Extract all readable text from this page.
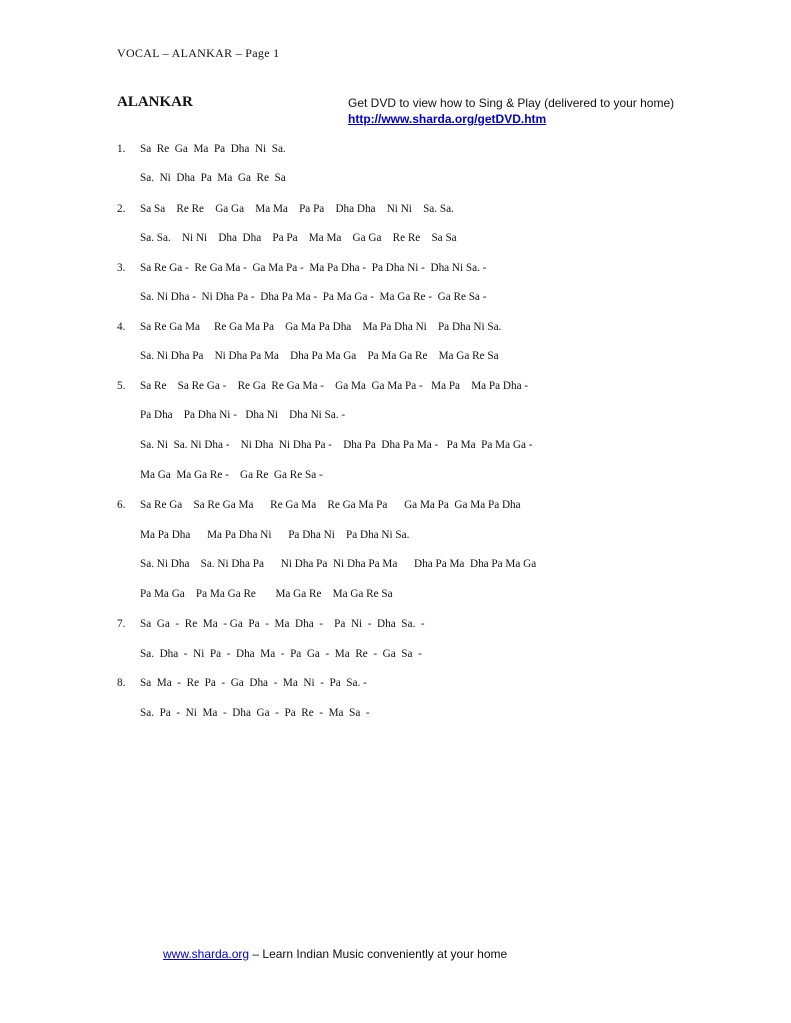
VOCAL – ALANKAR – Page 1
ALANKAR	Get DVD to view how to Sing & Play (delivered to your home)
http://www.sharda.org/getDVD.htm
1. Sa  Re  Ga  Ma  Pa  Dha  Ni  Sa.
Sa.  Ni  Dha  Pa  Ma  Ga  Re  Sa
2. Sa Sa    Re Re    Ga Ga    Ma Ma    Pa Pa    Dha Dha    Ni Ni    Sa. Sa.
Sa. Sa.    Ni Ni    Dha  Dha    Pa Pa    Ma Ma    Ga Ga    Re Re    Sa Sa
3. Sa Re Ga -  Re Ga Ma -  Ga Ma Pa -  Ma Pa Dha -  Pa Dha Ni -  Dha Ni Sa. -
Sa. Ni Dha -  Ni Dha Pa -  Dha Pa Ma -  Pa Ma Ga -  Ma Ga Re -  Ga Re Sa -
4. Sa Re Ga Ma     Re Ga Ma Pa    Ga Ma Pa Dha    Ma Pa Dha Ni    Pa Dha Ni Sa.
Sa. Ni Dha Pa    Ni Dha Pa Ma    Dha Pa Ma Ga    Pa Ma Ga Re    Ma Ga Re Sa
5. Sa Re    Sa Re Ga -    Re Ga  Re Ga Ma -    Ga Ma  Ga Ma Pa -   Ma Pa    Ma Pa Dha -
Pa Dha    Pa Dha Ni -   Dha Ni    Dha Ni Sa. -
Sa. Ni  Sa. Ni Dha -    Ni Dha  Ni Dha Pa -    Dha Pa  Dha Pa Ma -   Pa Ma  Pa Ma Ga -
Ma Ga  Ma Ga Re -    Ga Re  Ga Re Sa -
6. Sa Re Ga    Sa Re Ga Ma      Re Ga Ma    Re Ga Ma Pa      Ga Ma Pa  Ga Ma Pa Dha
Ma Pa Dha      Ma Pa Dha Ni      Pa Dha Ni    Pa Dha Ni Sa.
Sa. Ni Dha    Sa. Ni Dha Pa      Ni Dha Pa  Ni Dha Pa Ma      Dha Pa Ma  Dha Pa Ma Ga
Pa Ma Ga    Pa Ma Ga Re       Ma Ga Re    Ma Ga Re Sa
7. Sa  Ga  -  Re  Ma  - Ga  Pa  -  Ma  Dha  -    Pa  Ni  -  Dha  Sa.  -
Sa.  Dha  -  Ni  Pa  -  Dha  Ma  -  Pa  Ga  -  Ma  Re  -  Ga  Sa  -
8. Sa  Ma  -  Re  Pa  -  Ga  Dha  -  Ma  Ni  -  Pa  Sa. -
Sa.  Pa  -  Ni  Ma  -  Dha  Ga  -  Pa  Re  -  Ma  Sa  -
www.sharda.org – Learn Indian Music conveniently at your home
